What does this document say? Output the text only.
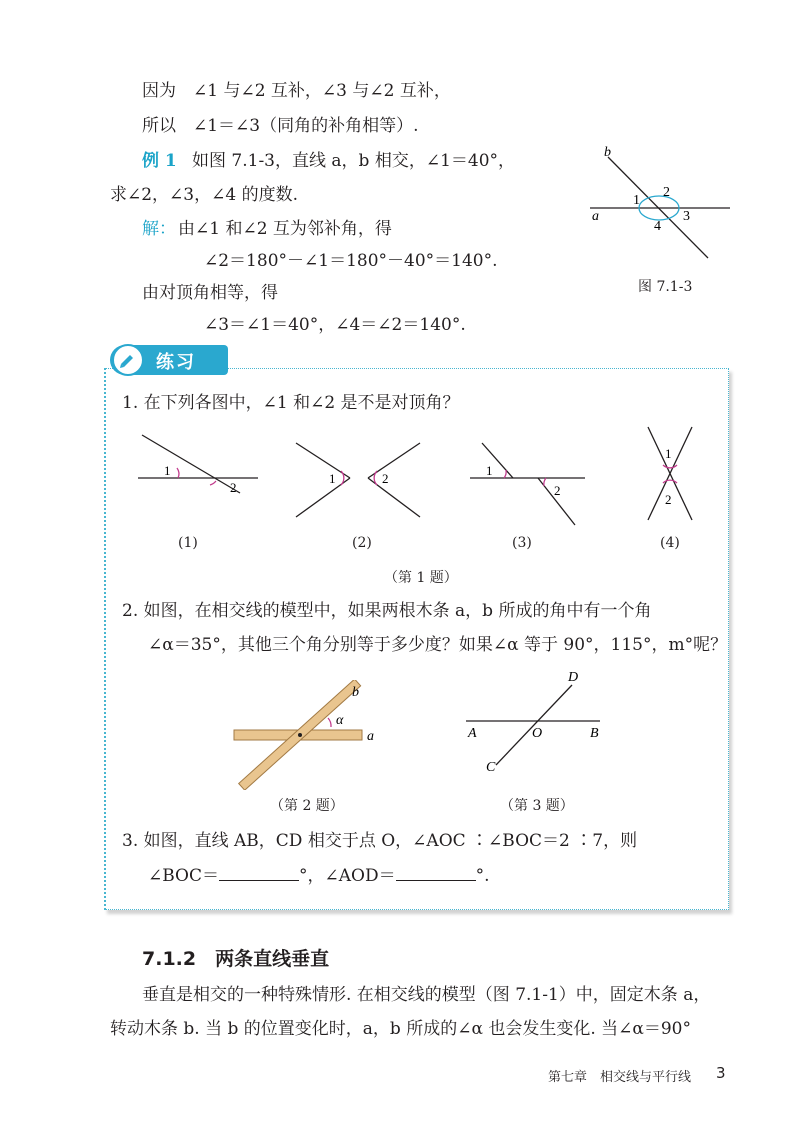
因为　∠1 与∠2 互补，∠3 与∠2 互补，
所以　∠1＝∠3（同角的补角相等）.
例 1 如图 7.1-3，直线 a，b 相交，∠1＝40°，
求∠2，∠3，∠4 的度数.
解： 由∠1 和∠2 互为邻补角，得
∠2＝180°－∠1＝180°－40°＝140°.
由对顶角相等，得
∠3＝∠1＝40°，∠4＝∠2＝140°.
b
a
1
2
3
4
图 7.1-3
练习
1. 在下列各图中，∠1 和∠2 是不是对顶角？
1
2
1	2
1
2
1
2
(1)	(2)	(3)	(4)
（第 1 题）
2. 如图，在相交线的模型中，如果两根木条 a，b 所成的角中有一个角
∠α＝35°，其他三个角分别等于多少度？如果∠α 等于 90°，115°，m°呢？
α
b
a
D
A	O	B
C
（第 2 题）	（第 3 题）
3. 如图，直线 AB，CD 相交于点 O，∠AOC ∶∠BOC＝2 ∶7，则
∠BOC＝	°，∠AOD＝	°.
7.1.2　两条直线垂直
垂直是相交的一种特殊情形. 在相交线的模型（图 7.1-1）中，固定木条 a，
转动木条 b. 当 b 的位置变化时，a，b 所成的∠α 也会发生变化. 当∠α＝90°
第七章　相交线与平行线 3
